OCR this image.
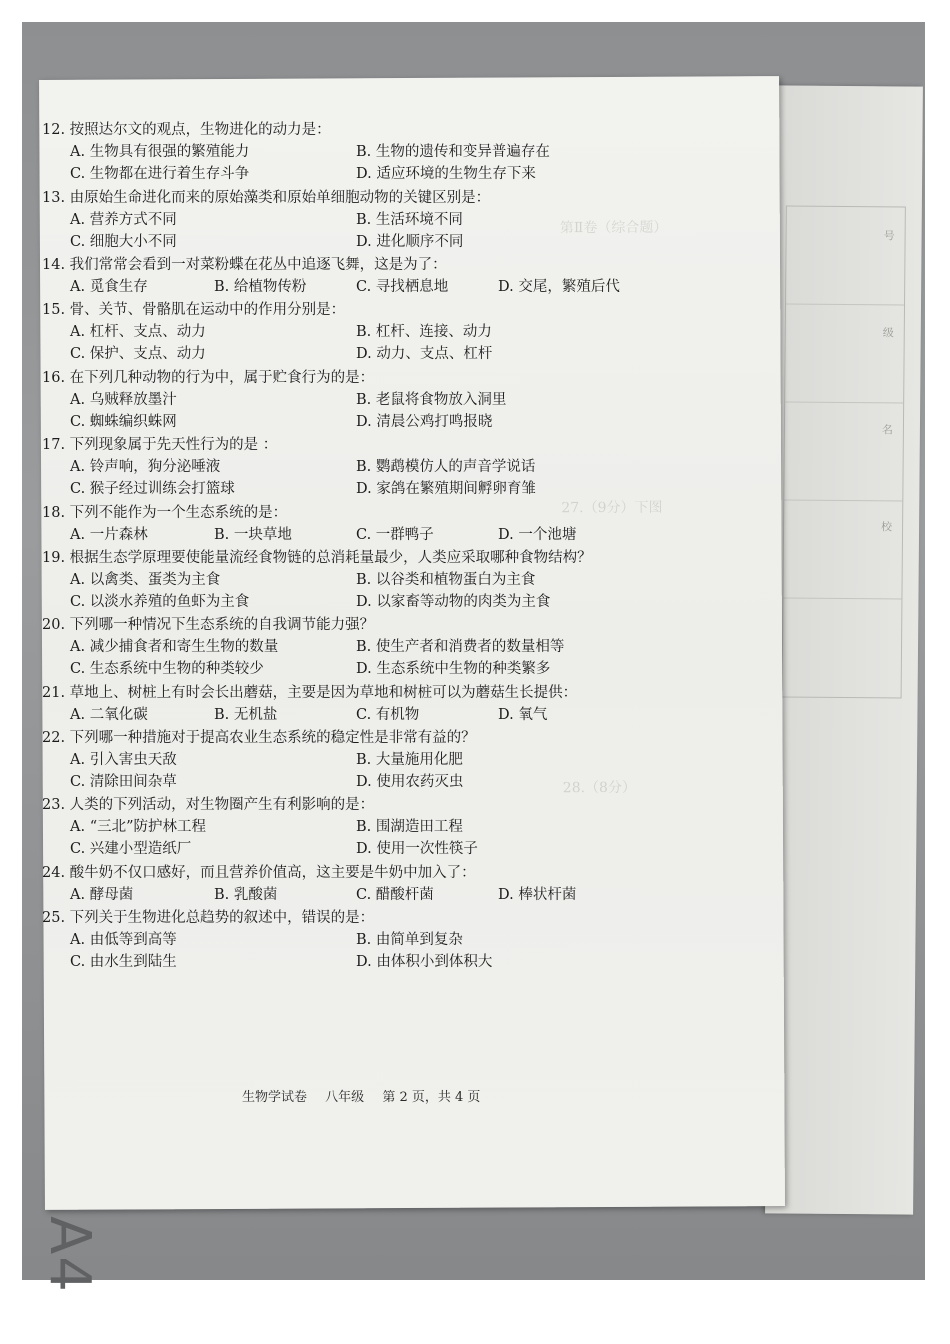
号
级
名
校
第Ⅱ卷（综合题）
27.（9分）下图
28.（8分）
12. 按照达尔文的观点，生物进化的动力是：
A. 生物具有很强的繁殖能力	B. 生物的遗传和变异普遍存在
C. 生物都在进行着生存斗争	D. 适应环境的生物生存下来
13. 由原始生命进化而来的原始藻类和原始单细胞动物的关键区别是：
A. 营养方式不同	B. 生活环境不同
C. 细胞大小不同	D. 进化顺序不同
14. 我们常常会看到一对菜粉蝶在花丛中追逐飞舞，这是为了：
A. 觅食生存	B. 给植物传粉	C. 寻找栖息地	D. 交尾，繁殖后代
15. 骨、关节、骨骼肌在运动中的作用分别是：
A. 杠杆、支点、动力	B. 杠杆、连接、动力
C. 保护、支点、动力	D. 动力、支点、杠杆
16. 在下列几种动物的行为中，属于贮食行为的是：
A. 乌贼释放墨汁	B. 老鼠将食物放入洞里
C. 蜘蛛编织蛛网	D. 清晨公鸡打鸣报晓
17. 下列现象属于先天性行为的是 ：
A. 铃声响，狗分泌唾液	B. 鹦鹉模仿人的声音学说话
C. 猴子经过训练会打篮球	D. 家鸽在繁殖期间孵卵育雏
18. 下列不能作为一个生态系统的是：
A. 一片森林	B. 一块草地	C. 一群鸭子	D. 一个池塘
19. 根据生态学原理要使能量流经食物链的总消耗量最少，人类应采取哪种食物结构？
A. 以禽类、蛋类为主食	B. 以谷类和植物蛋白为主食
C. 以淡水养殖的鱼虾为主食	D. 以家畜等动物的肉类为主食
20. 下列哪一种情况下生态系统的自我调节能力强？
A. 减少捕食者和寄生生物的数量	B. 使生产者和消费者的数量相等
C. 生态系统中生物的种类较少	D. 生态系统中生物的种类繁多
21. 草地上、树桩上有时会长出蘑菇，主要是因为草地和树桩可以为蘑菇生长提供：
A. 二氧化碳	B. 无机盐	C. 有机物	D. 氧气
22. 下列哪一种措施对于提高农业生态系统的稳定性是非常有益的？
A. 引入害虫天敌	B. 大量施用化肥
C. 清除田间杂草	D. 使用农药灭虫
23. 人类的下列活动，对生物圈产生有利影响的是：
A. “三北”防护林工程	B. 围湖造田工程
C. 兴建小型造纸厂	D. 使用一次性筷子
24. 酸牛奶不仅口感好，而且营养价值高，这主要是牛奶中加入了：
A. 酵母菌	B. 乳酸菌	C. 醋酸杆菌	D. 棒状杆菌
25. 下列关于生物进化总趋势的叙述中，错误的是：
A. 由低等到高等	B. 由简单到复杂
C. 由水生到陆生	D. 由体积小到体积大
生物学试卷 八年级 第 2 页，共 4 页
A4
